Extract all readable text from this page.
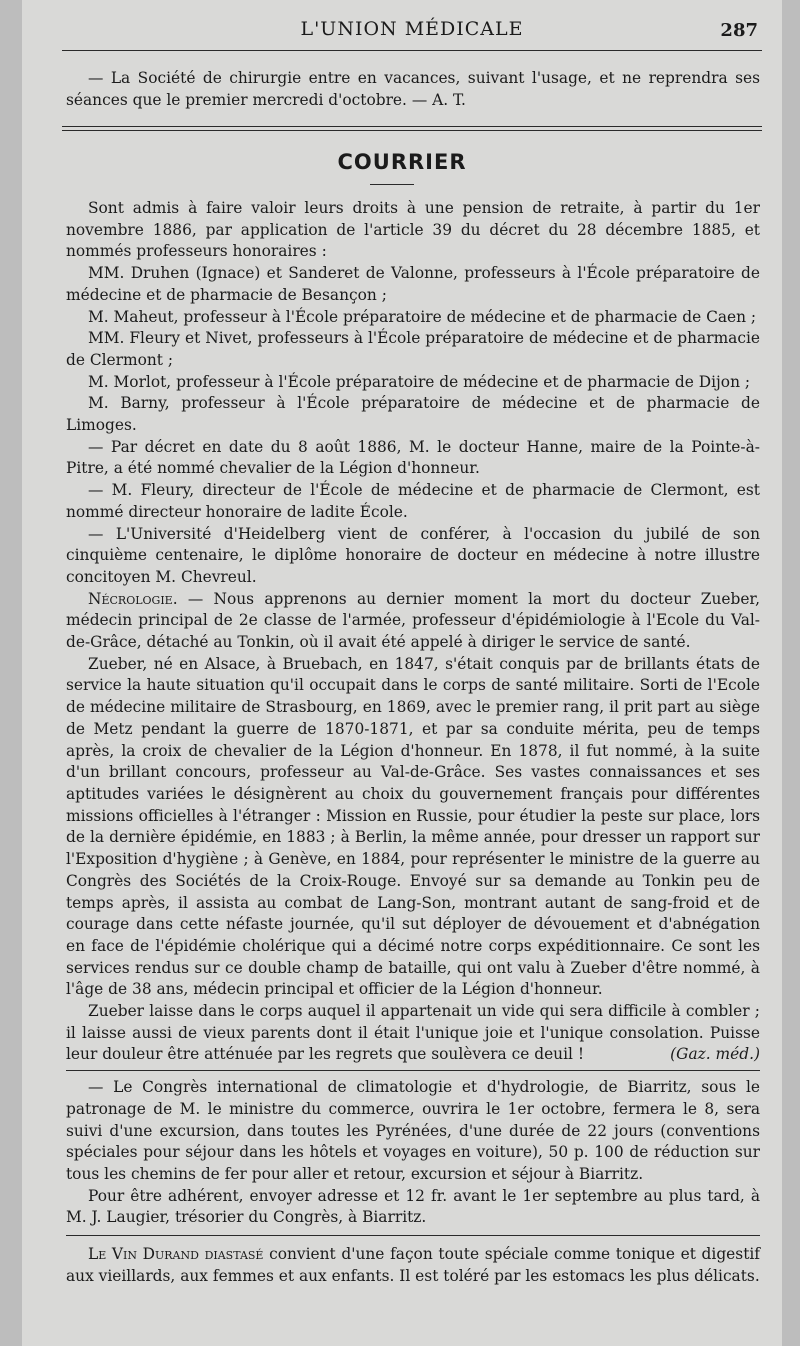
L'UNION MÉDICALE	287

— La Société de chirurgie entre en vacances, suivant l'usage, et ne reprendra ses séances que le premier mercredi d'octobre. — A. T.

COURRIER

Sont admis à faire valoir leurs droits à une pension de retraite, à partir du 1er novembre 1886, par application de l'article 39 du décret du 28 décembre 1885, et nommés professeurs honoraires :

MM. Druhen (Ignace) et Sanderet de Valonne, professeurs à l'École préparatoire de médecine et de pharmacie de Besançon ;

M. Maheut, professeur à l'École préparatoire de médecine et de pharmacie de Caen ;

MM. Fleury et Nivet, professeurs à l'École préparatoire de médecine et de pharmacie de Clermont ;

M. Morlot, professeur à l'École préparatoire de médecine et de pharmacie de Dijon ;

M. Barny, professeur à l'École préparatoire de médecine et de pharmacie de Limoges.

— Par décret en date du 8 août 1886, M. le docteur Hanne, maire de la Pointe-à-Pitre, a été nommé chevalier de la Légion d'honneur.

— M. Fleury, directeur de l'École de médecine et de pharmacie de Clermont, est nommé directeur honoraire de ladite École.

— L'Université d'Heidelberg vient de conférer, à l'occasion du jubilé de son cinquième centenaire, le diplôme honoraire de docteur en médecine à notre illustre concitoyen M. Chevreul.

Nécrologie. — Nous apprenons au dernier moment la mort du docteur Zueber, médecin principal de 2e classe de l'armée, professeur d'épidémiologie à l'Ecole du Val-de-Grâce, détaché au Tonkin, où il avait été appelé à diriger le service de santé.

Zueber, né en Alsace, à Bruebach, en 1847, s'était conquis par de brillants états de service la haute situation qu'il occupait dans le corps de santé militaire. Sorti de l'Ecole de médecine militaire de Strasbourg, en 1869, avec le premier rang, il prit part au siège de Metz pendant la guerre de 1870-1871, et par sa conduite mérita, peu de temps après, la croix de chevalier de la Légion d'honneur. En 1878, il fut nommé, à la suite d'un brillant concours, professeur au Val-de-Grâce. Ses vastes connaissances et ses aptitudes variées le désignèrent au choix du gouvernement français pour différentes missions officielles à l'étranger : Mission en Russie, pour étudier la peste sur place, lors de la dernière épidémie, en 1883 ; à Berlin, la même année, pour dresser un rapport sur l'Exposition d'hygiène ; à Genève, en 1884, pour représenter le ministre de la guerre au Congrès des Sociétés de la Croix-Rouge. Envoyé sur sa demande au Tonkin peu de temps après, il assista au combat de Lang-Son, montrant autant de sang-froid et de courage dans cette néfaste journée, qu'il sut déployer de dévouement et d'abnégation en face de l'épidémie cholérique qui a décimé notre corps expéditionnaire. Ce sont les services rendus sur ce double champ de bataille, qui ont valu à Zueber d'être nommé, à l'âge de 38 ans, médecin principal et officier de la Légion d'honneur.

Zueber laisse dans le corps auquel il appartenait un vide qui sera difficile à combler ; il laisse aussi de vieux parents dont il était l'unique joie et l'unique consolation. Puisse leur douleur être atténuée par les regrets que soulèvera ce deuil !	(Gaz. méd.)

— Le Congrès international de climatologie et d'hydrologie, de Biarritz, sous le patronage de M. le ministre du commerce, ouvrira le 1er octobre, fermera le 8, sera suivi d'une excursion, dans toutes les Pyrénées, d'une durée de 22 jours (conventions spéciales pour séjour dans les hôtels et voyages en voiture), 50 p. 100 de réduction sur tous les chemins de fer pour aller et retour, excursion et séjour à Biarritz.

Pour être adhérent, envoyer adresse et 12 fr. avant le 1er septembre au plus tard, à M. J. Laugier, trésorier du Congrès, à Biarritz.

Le Vin Durand diastasé convient d'une façon toute spéciale comme tonique et digestif aux vieillards, aux femmes et aux enfants. Il est toléré par les estomacs les plus délicats.
